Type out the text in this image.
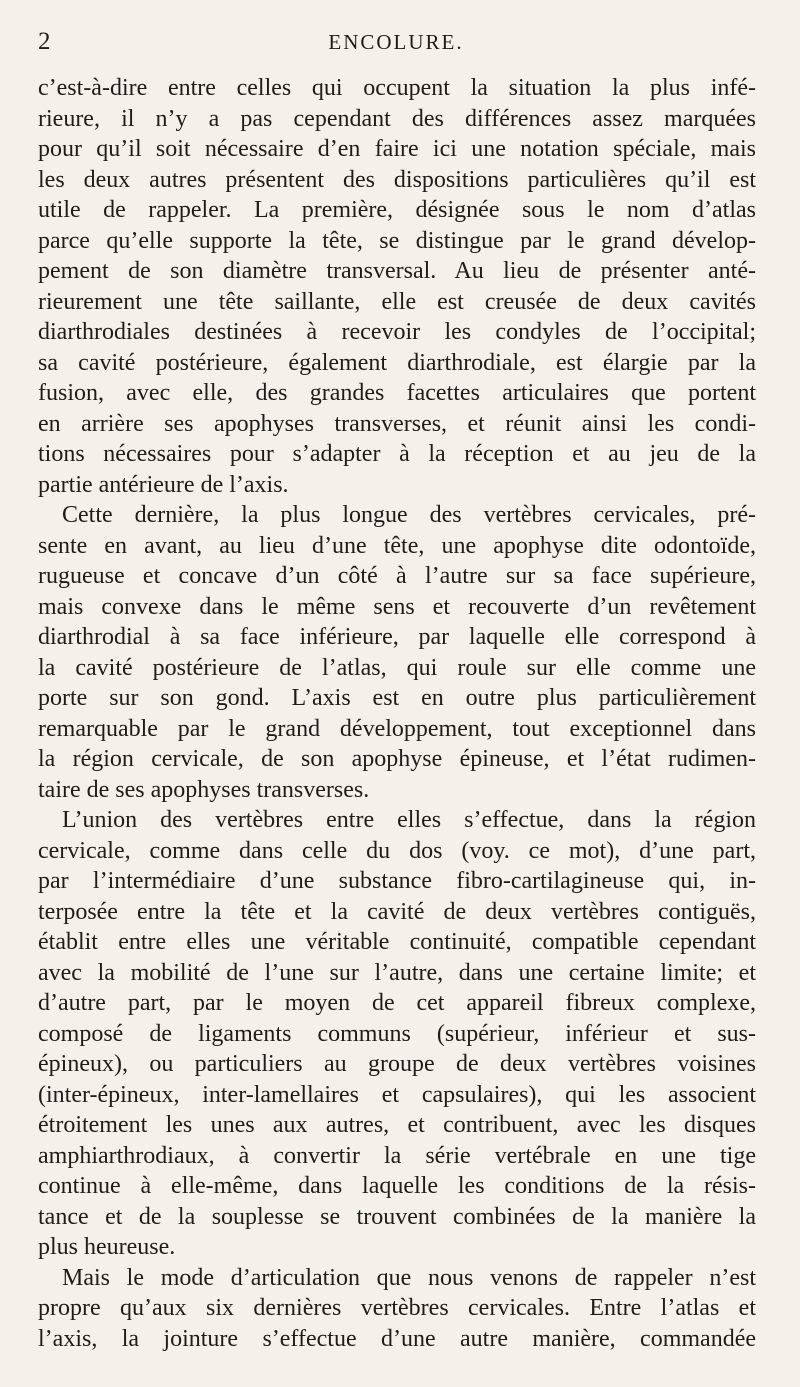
2	ENCOLURE.
c’est-à-dire entre celles qui occupent la situation la plus infé-
rieure, il n’y a pas cependant des différences assez marquées
pour qu’il soit nécessaire d’en faire ici une notation spéciale, mais
les deux autres présentent des dispositions particulières qu’il est
utile de rappeler. La première, désignée sous le nom d’atlas
parce qu’elle supporte la tête, se distingue par le grand dévelop-
pement de son diamètre transversal. Au lieu de présenter anté-
rieurement une tête saillante, elle est creusée de deux cavités
diarthrodiales destinées à recevoir les condyles de l’occipital;
sa cavité postérieure, également diarthrodiale, est élargie par la
fusion, avec elle, des grandes facettes articulaires que portent
en arrière ses apophyses transverses, et réunit ainsi les condi-
tions nécessaires pour s’adapter à la réception et au jeu de la
partie antérieure de l’axis.
Cette dernière, la plus longue des vertèbres cervicales, pré-
sente en avant, au lieu d’une tête, une apophyse dite odontoïde,
rugueuse et concave d’un côté à l’autre sur sa face supérieure,
mais convexe dans le même sens et recouverte d’un revêtement
diarthrodial à sa face inférieure, par laquelle elle correspond à
la cavité postérieure de l’atlas, qui roule sur elle comme une
porte sur son gond. L’axis est en outre plus particulièrement
remarquable par le grand développement, tout exceptionnel dans
la région cervicale, de son apophyse épineuse, et l’état rudimen-
taire de ses apophyses transverses.
L’union des vertèbres entre elles s’effectue, dans la région
cervicale, comme dans celle du dos (voy. ce mot), d’une part,
par l’intermédiaire d’une substance fibro-cartilagineuse qui, in-
terposée entre la tête et la cavité de deux vertèbres contiguës,
établit entre elles une véritable continuité, compatible cependant
avec la mobilité de l’une sur l’autre, dans une certaine limite; et
d’autre part, par le moyen de cet appareil fibreux complexe,
composé de ligaments communs (supérieur, inférieur et sus-
épineux), ou particuliers au groupe de deux vertèbres voisines
(inter-épineux, inter-lamellaires et capsulaires), qui les associent
étroitement les unes aux autres, et contribuent, avec les disques
amphiarthrodiaux, à convertir la série vertébrale en une tige
continue à elle-même, dans laquelle les conditions de la résis-
tance et de la souplesse se trouvent combinées de la manière la
plus heureuse.
Mais le mode d’articulation que nous venons de rappeler n’est
propre qu’aux six dernières vertèbres cervicales. Entre l’atlas et
l’axis, la jointure s’effectue d’une autre manière, commandée
